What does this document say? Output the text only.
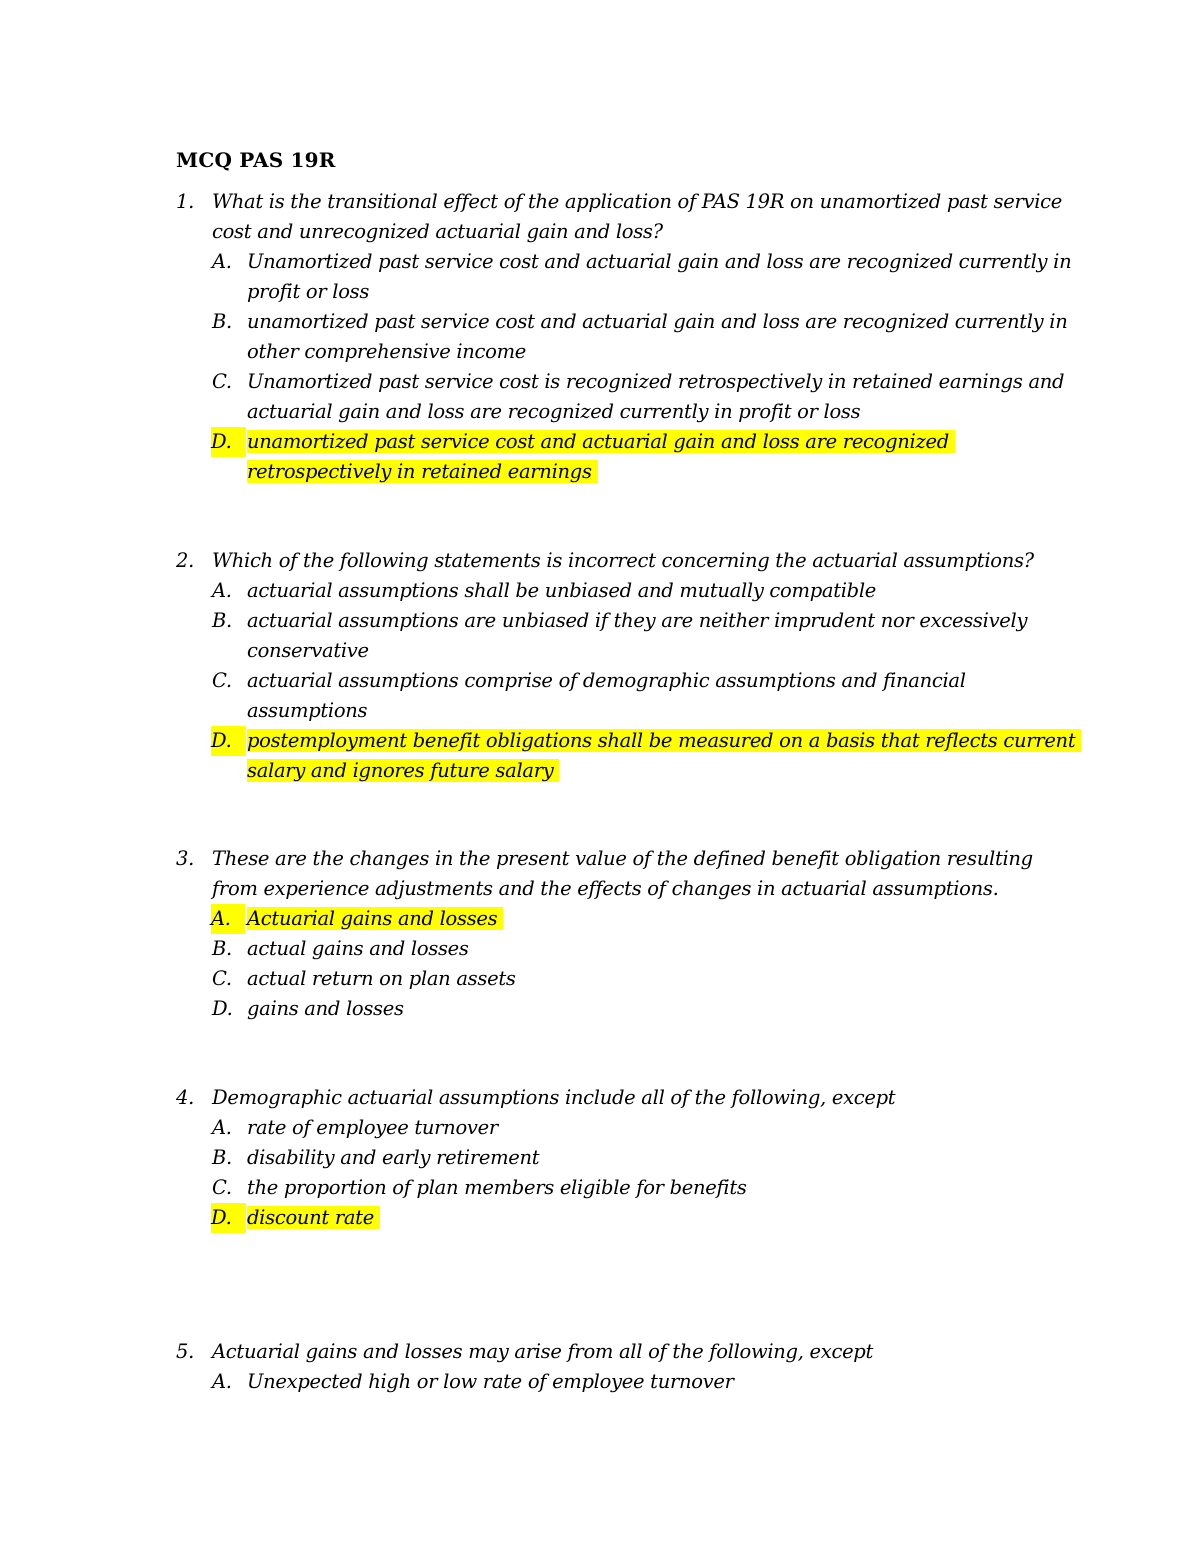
MCQ PAS 19R
1. What is the transitional effect of the application of PAS 19R on unamortized past service cost and unrecognized actuarial gain and loss?
A. Unamortized past service cost and actuarial gain and loss are recognized currently in profit or loss
B. unamortized past service cost and actuarial gain and loss are recognized currently in other comprehensive income
C. Unamortized past service cost is recognized retrospectively in retained earnings and actuarial gain and loss are recognized currently in profit or loss
D. unamortized past service cost and actuarial gain and loss are recognized retrospectively in retained earnings
2. Which of the following statements is incorrect concerning the actuarial assumptions?
A. actuarial assumptions shall be unbiased and mutually compatible
B. actuarial assumptions are unbiased if they are neither imprudent nor excessively conservative
C. actuarial assumptions comprise of demographic assumptions and financial assumptions
D. postemployment benefit obligations shall be measured on a basis that reflects current salary and ignores future salary
3. These are the changes in the present value of the defined benefit obligation resulting from experience adjustments and the effects of changes in actuarial assumptions.
A. Actuarial gains and losses
B. actual gains and losses
C. actual return on plan assets
D. gains and losses
4. Demographic actuarial assumptions include all of the following, except
A. rate of employee turnover
B. disability and early retirement
C. the proportion of plan members eligible for benefits
D. discount rate
5. Actuarial gains and losses may arise from all of the following, except
A. Unexpected high or low rate of employee turnover
